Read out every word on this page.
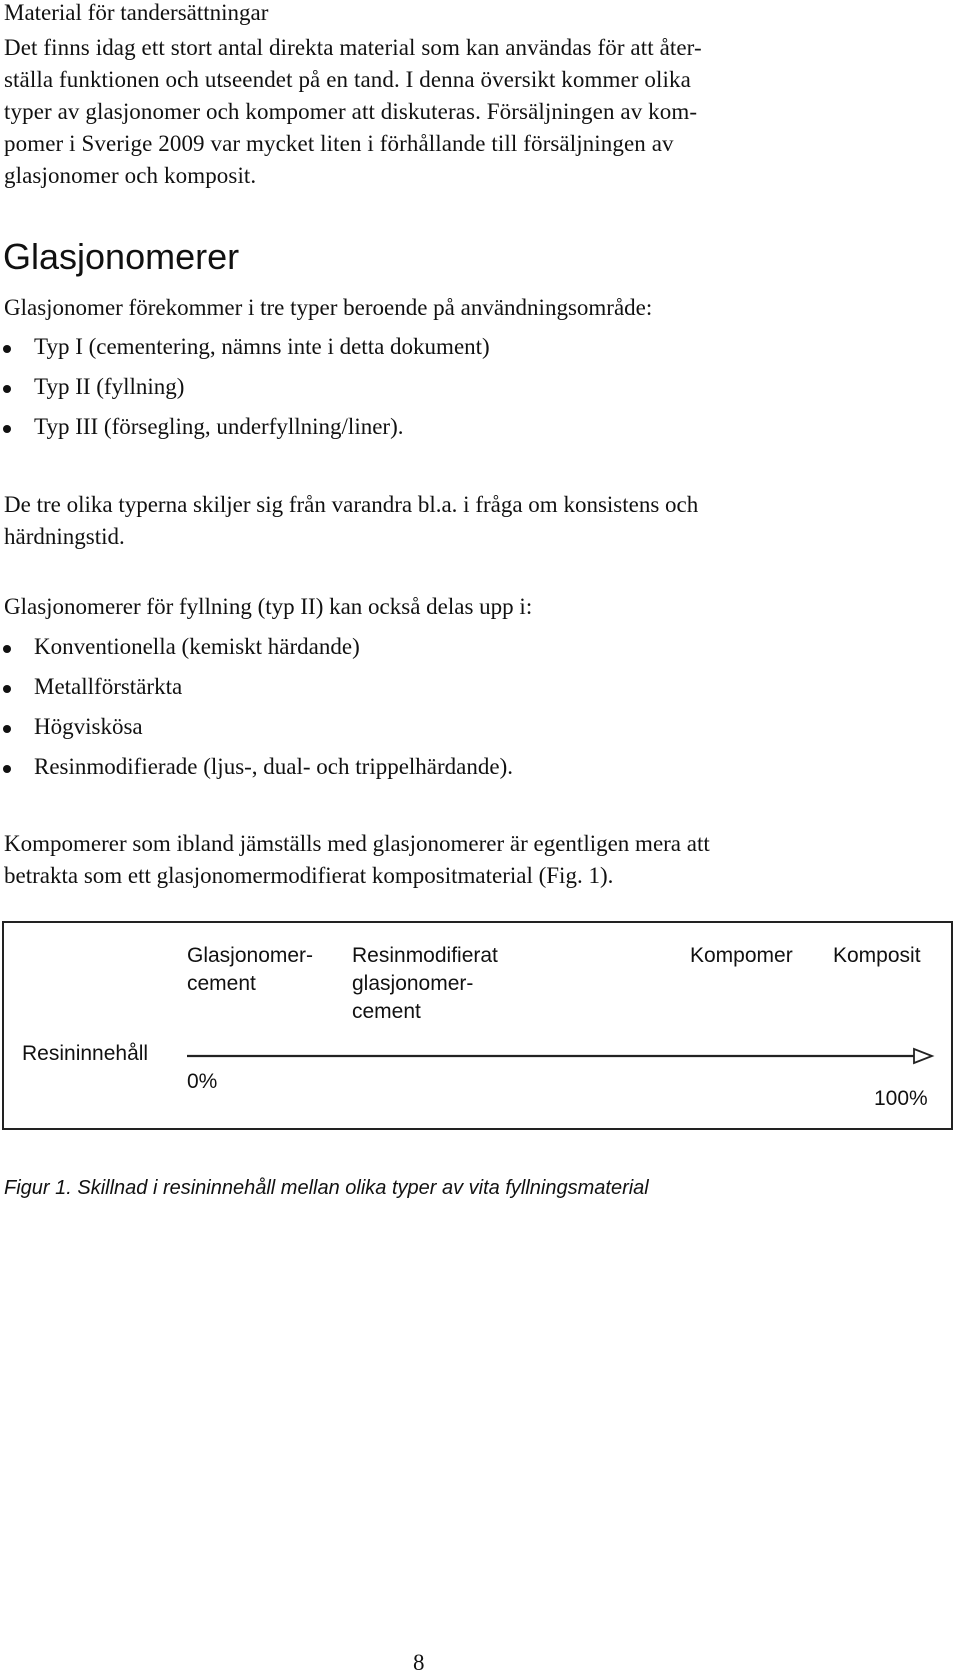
Material för tandersättningar
Det finns idag ett stort antal direkta material som kan användas för att åter-
ställa funktionen och utseendet på en tand. I denna översikt kommer olika
typer av glasjonomer och kompomer att diskuteras. Försäljningen av kom-
pomer i Sverige 2009 var mycket liten i förhållande till försäljningen av
glasjonomer och komposit.
Glasjonomerer
Glasjonomer förekommer i tre typer beroende på användningsområde:
Typ I (cementering, nämns inte i detta dokument)
Typ II (fyllning)
Typ III (försegling, underfyllning/liner).
De tre olika typerna skiljer sig från varandra bl.a. i fråga om konsistens och
härdningstid.
Glasjonomerer för fyllning (typ II) kan också delas upp i:
Konventionella (kemiskt härdande)
Metallförstärkta
Högviskösa
Resinmodifierade (ljus-, dual- och trippelhärdande).
Kompomerer som ibland jämställs med glasjonomerer är egentligen mera att
betrakta som ett glasjonomermodifierat kompositmaterial (Fig. 1).
Glasjonomer-
cement
Resinmodifierat
glasjonomer-
cement
Kompomer Komposit
Resininnehåll
0%
100%
Figur 1. Skillnad i resininnehåll mellan olika typer av vita fyllningsmaterial
8
